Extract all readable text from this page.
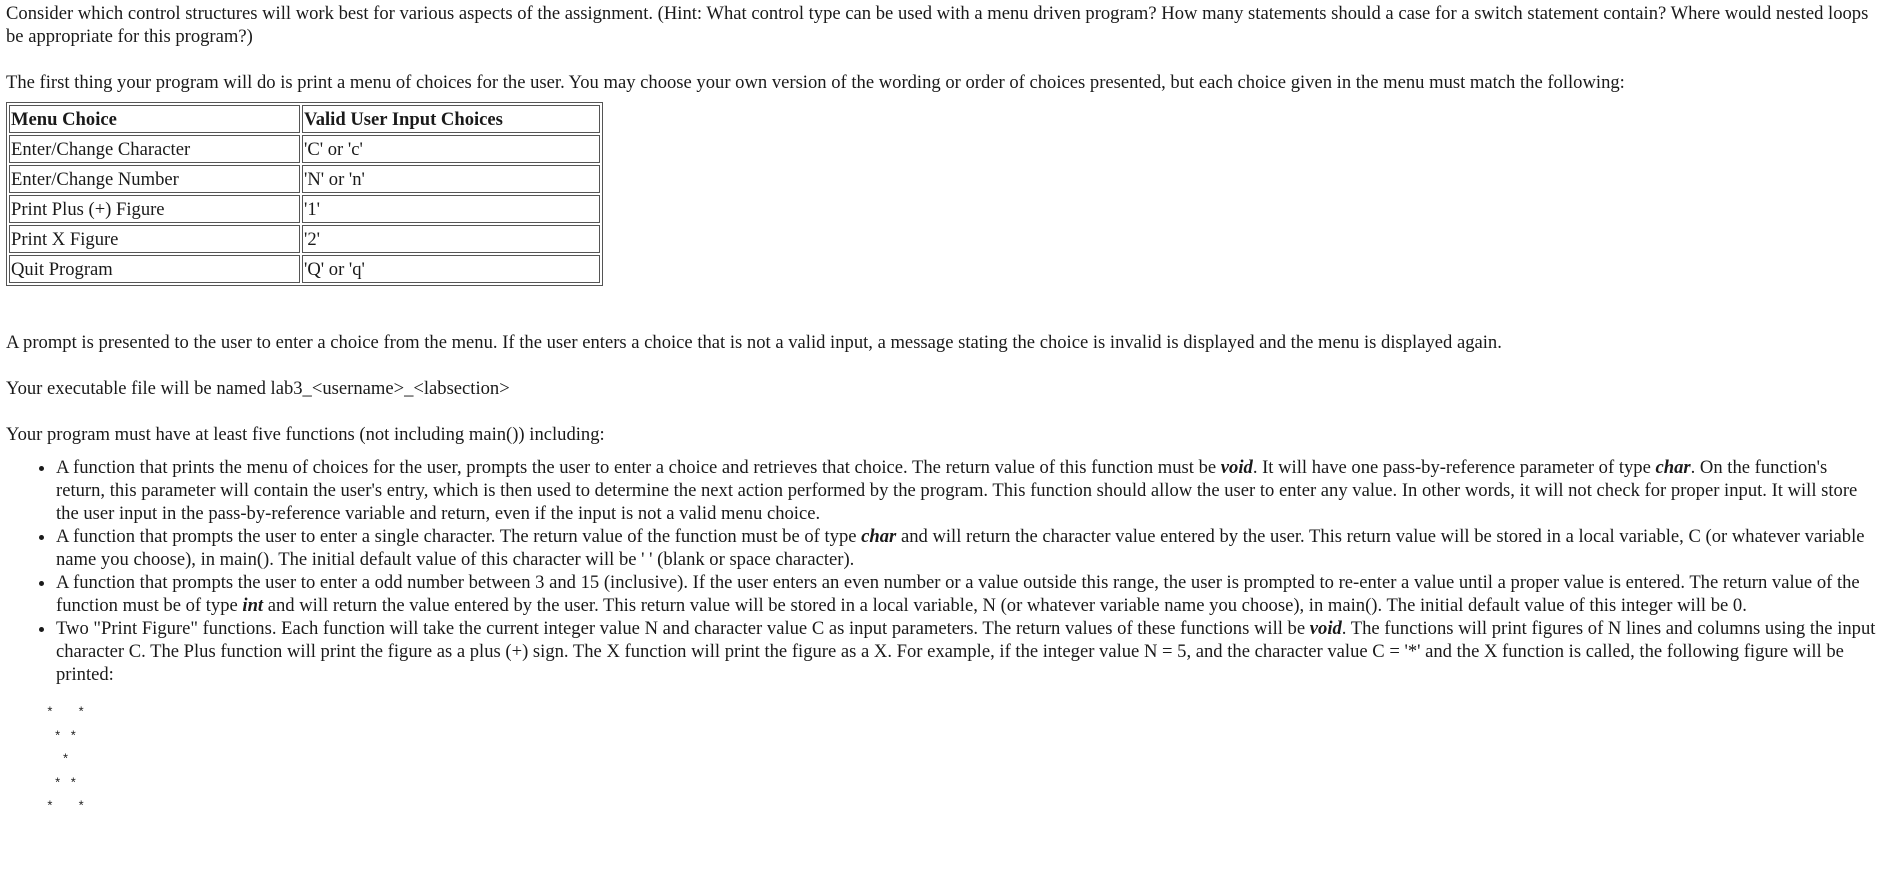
Consider which control structures will work best for various aspects of the assignment. (Hint: What control type can be used with a menu driven program? How many statements should a case for a switch statement contain? Where would nested loops be appropriate for this program?)

The first thing your program will do is print a menu of choices for the user. You may choose your own version of the wording or order of choices presented, but each choice given in the menu must match the following:

Menu Choice	Valid User Input Choices
Enter/Change Character	'C' or 'c'
Enter/Change Number	'N' or 'n'
Print Plus (+) Figure	'1'
Print X Figure	'2'
Quit Program	'Q' or 'q'

A prompt is presented to the user to enter a choice from the menu. If the user enters a choice that is not a valid input, a message stating the choice is invalid is displayed and the menu is displayed again.

Your executable file will be named lab3_<username>_<labsection>

Your program must have at least five functions (not including main()) including:

• A function that prints the menu of choices for the user, prompts the user to enter a choice and retrieves that choice. The return value of this function must be void. It will have one pass-by-reference parameter of type char. On the function's return, this parameter will contain the user's entry, which is then used to determine the next action performed by the program. This function should allow the user to enter any value. In other words, it will not check for proper input. It will store the user input in the pass-by-reference variable and return, even if the input is not a valid menu choice.
• A function that prompts the user to enter a single character. The return value of the function must be of type char and will return the character value entered by the user. This return value will be stored in a local variable, C (or whatever variable name you choose), in main(). The initial default value of this character will be ' ' (blank or space character).
• A function that prompts the user to enter a odd number between 3 and 15 (inclusive). If the user enters an even number or a value outside this range, the user is prompted to re-enter a value until a proper value is entered. The return value of the function must be of type int and will return the value entered by the user. This return value will be stored in a local variable, N (or whatever variable name you choose), in main(). The initial default value of this integer will be 0.
• Two "Print Figure" functions. Each function will take the current integer value N and character value C as input parameters. The return values of these functions will be void. The functions will print figures of N lines and columns using the input character C. The Plus function will print the figure as a plus (+) sign. The X function will print the figure as a X. For example, if the integer value N = 5, and the character value C = '*' and the X function is called, the following figure will be printed:
*   *
* *
*
* *
*   *
